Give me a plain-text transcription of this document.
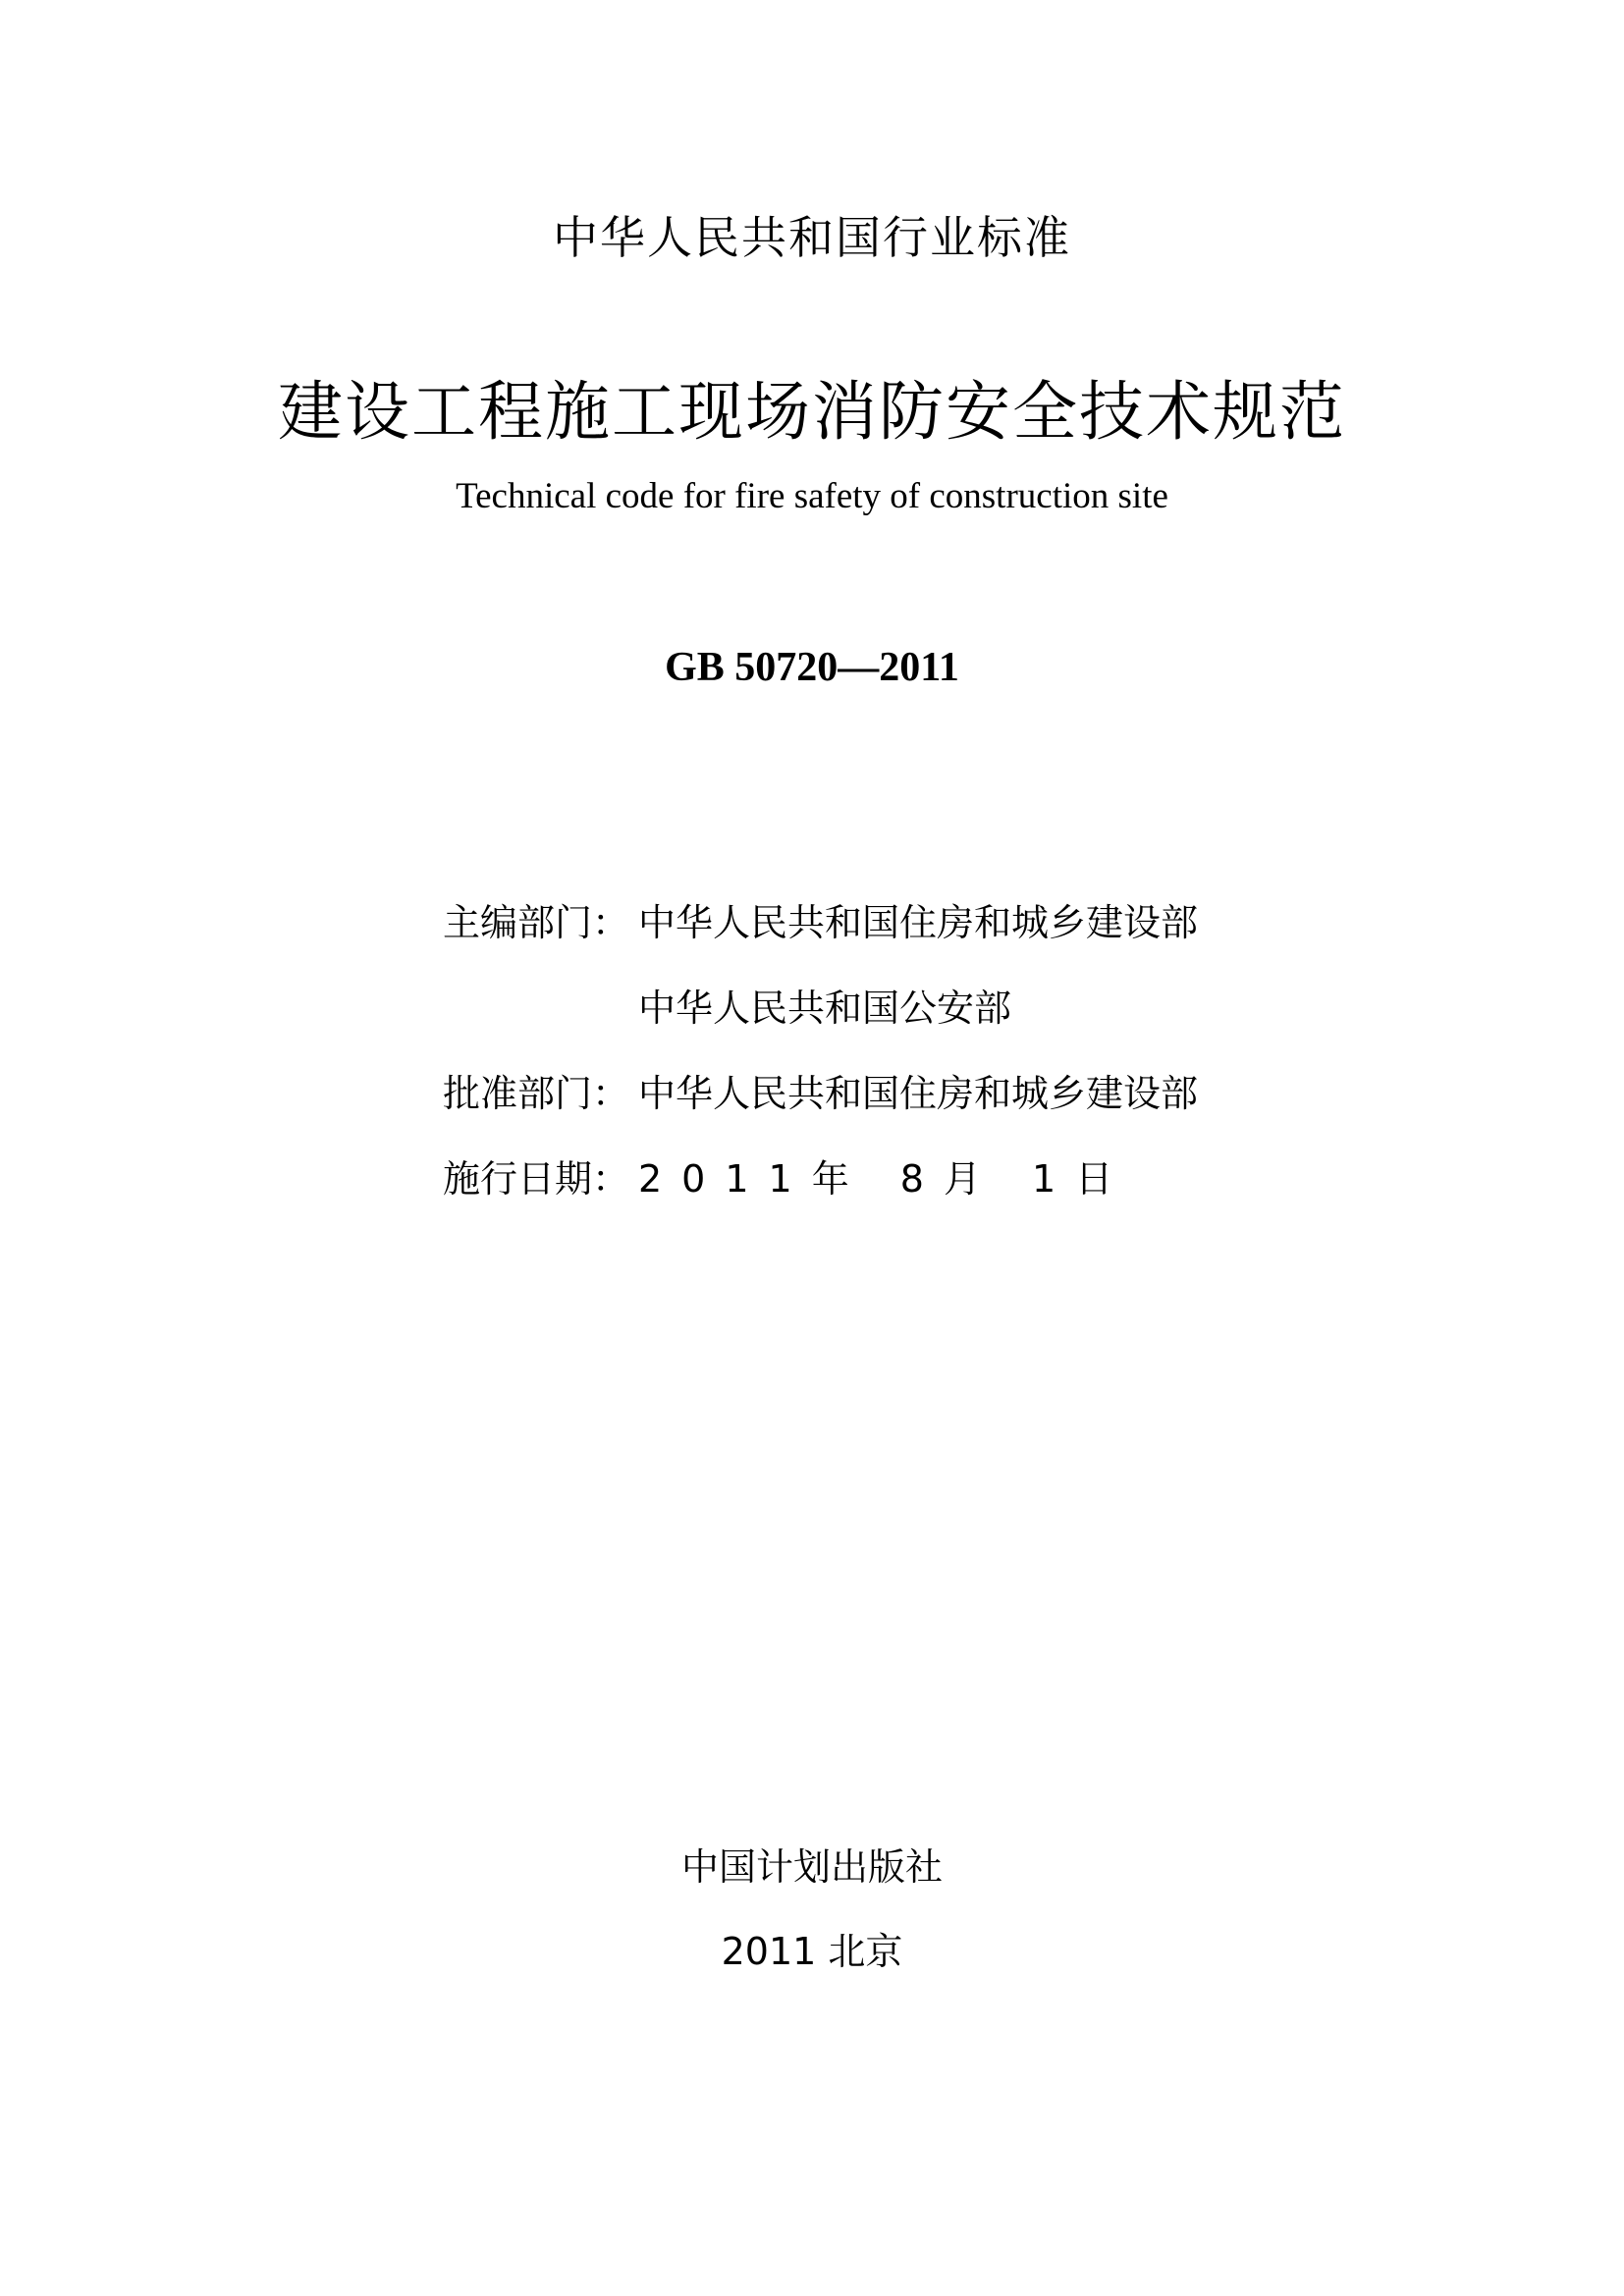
中华人民共和国行业标准
建设工程施工现场消防安全技术规范
Technical code for fire safety of construction site
GB 50720—2011
主编部门： 中华人民共和国住房和城乡建设部
中华人民共和国公安部
批准部门： 中华人民共和国住房和城乡建设部
施行日期： 2011年 8月 1日
中国计划出版社
2011 北京
